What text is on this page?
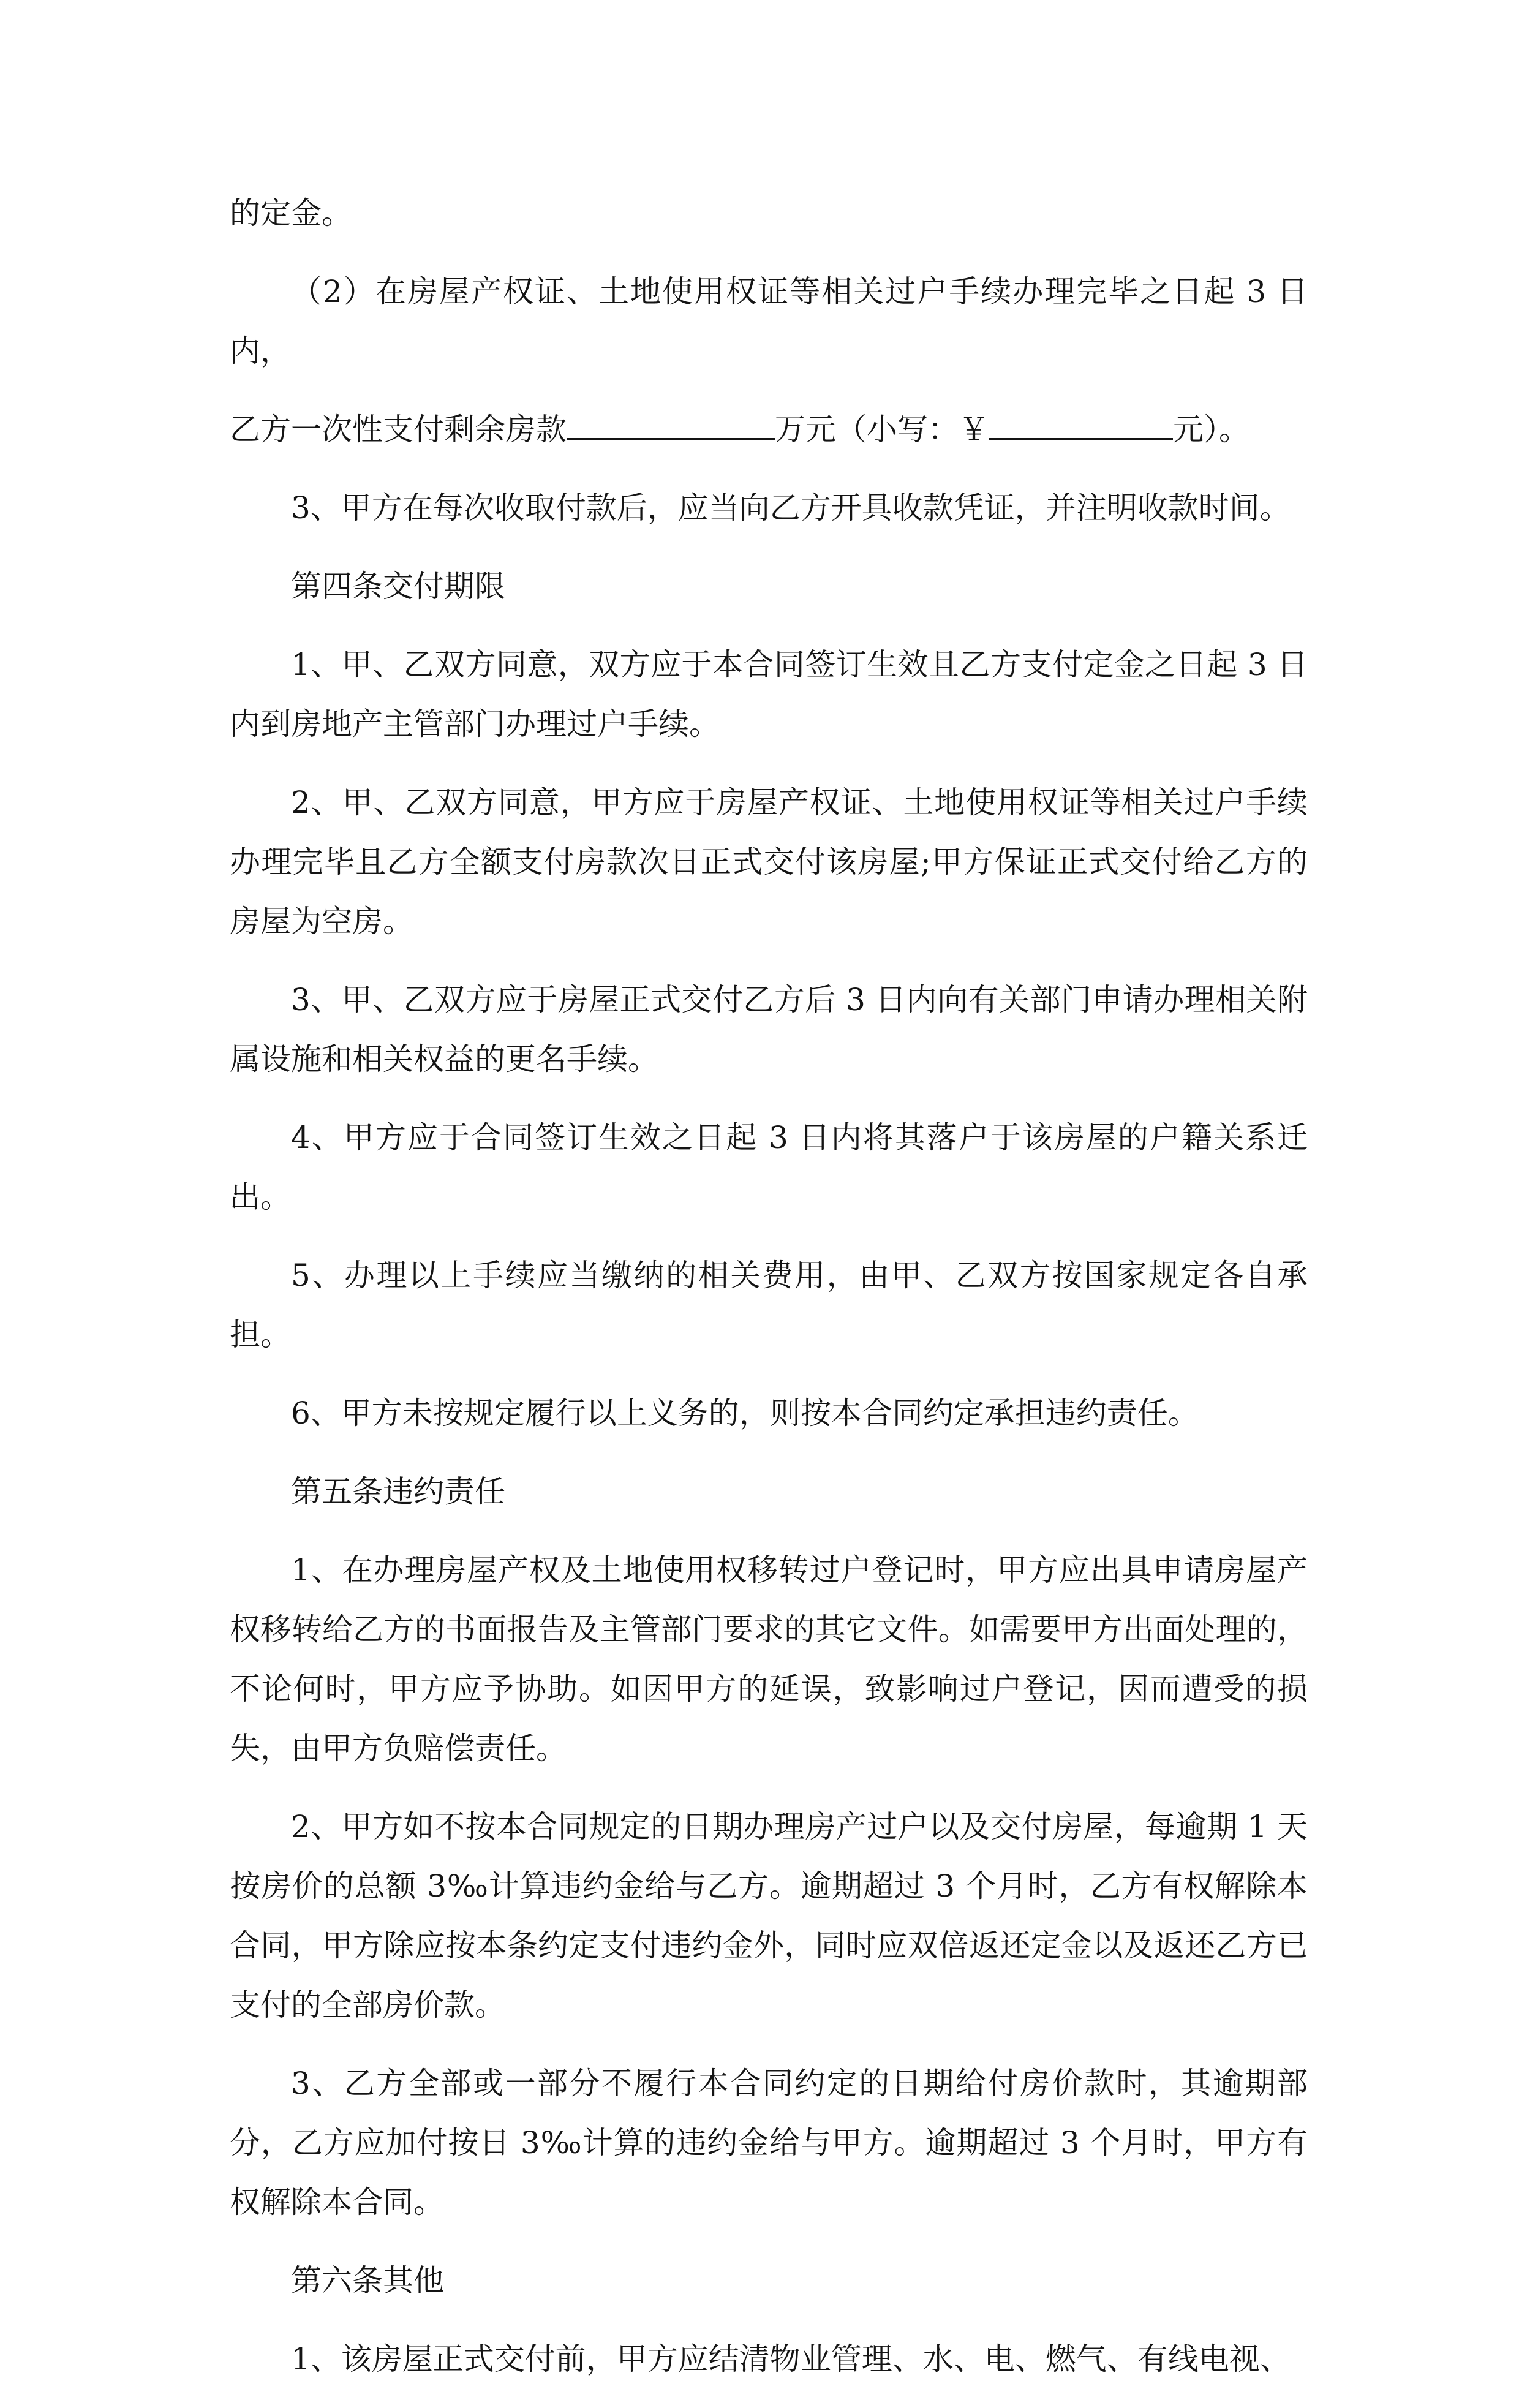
的定金。

（2）在房屋产权证、土地使用权证等相关过户手续办理完毕之日起 3 日内，

乙方一次性支付剩余房款	万元（小写：￥	元）。

3、甲方在每次收取付款后，应当向乙方开具收款凭证，并注明收款时间。

第四条交付期限

1、甲、乙双方同意，双方应于本合同签订生效且乙方支付定金之日起 3 日内到房地产主管部门办理过户手续。

2、甲、乙双方同意，甲方应于房屋产权证、土地使用权证等相关过户手续办理完毕且乙方全额支付房款次日正式交付该房屋;甲方保证正式交付给乙方的房屋为空房。

3、甲、乙双方应于房屋正式交付乙方后 3 日内向有关部门申请办理相关附属设施和相关权益的更名手续。

4、甲方应于合同签订生效之日起 3 日内将其落户于该房屋的户籍关系迁出。

5、办理以上手续应当缴纳的相关费用，由甲、乙双方按国家规定各自承担。

6、甲方未按规定履行以上义务的，则按本合同约定承担违约责任。

第五条违约责任

1、在办理房屋产权及土地使用权移转过户登记时，甲方应出具申请房屋产权移转给乙方的书面报告及主管部门要求的其它文件。如需要甲方出面处理的，不论何时，甲方应予协助。如因甲方的延误，致影响过户登记，因而遭受的损失，由甲方负赔偿责任。

2、甲方如不按本合同规定的日期办理房产过户以及交付房屋，每逾期 1 天按房价的总额 3‰计算违约金给与乙方。逾期超过 3 个月时，乙方有权解除本合同，甲方除应按本条约定支付违约金外，同时应双倍返还定金以及返还乙方已支付的全部房价款。

3、乙方全部或一部分不履行本合同约定的日期给付房价款时，其逾期部分，乙方应加付按日 3‰计算的违约金给与甲方。逾期超过 3 个月时，甲方有权解除本合同。

第六条其他

1、该房屋正式交付前，甲方应结清物业管理、水、电、燃气、有线电视、
